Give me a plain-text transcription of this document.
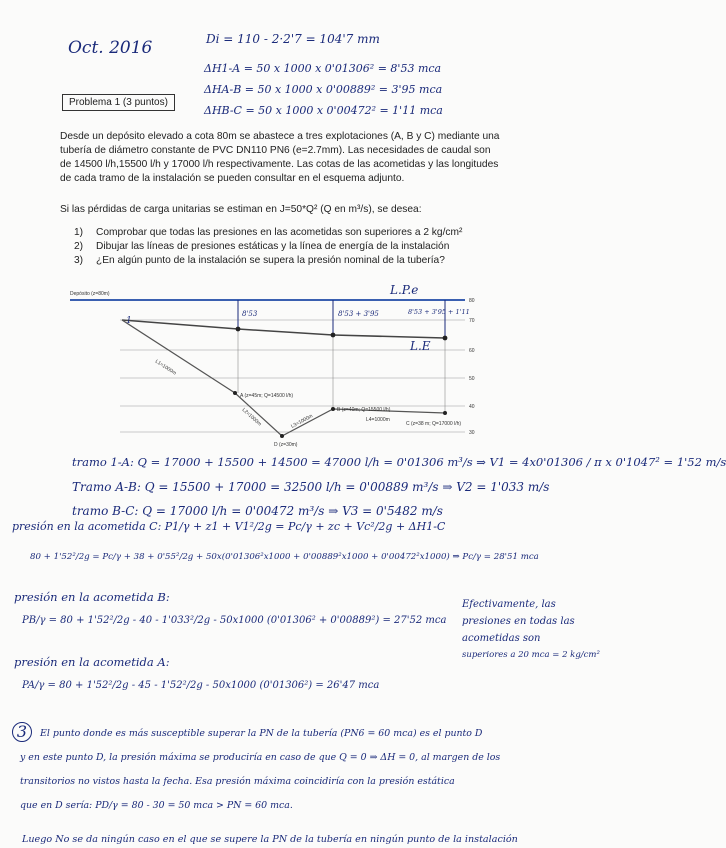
Oct. 2016	Di = 110 - 2·2'7 = 104'7 mm
ΔH1-A = 50 x 1000 x 0'01306² = 8'53 mca
ΔHA-B = 50 x 1000 x 0'00889² = 3'95 mca
ΔHB-C = 50 x 1000 x 0'00472² = 1'11 mca
Problema 1 (3 puntos)
Desde un depósito elevado a cota 80m se abastece a tres explotaciones (A, B y C) mediante una
tubería de diámetro constante de PVC DN110 PN6 (e=2.7mm). Las necesidades de caudal son
de 14500 l/h,15500 l/h y 17000 l/h respectivamente. Las cotas de las acometidas y las longitudes
de cada tramo de la instalación se pueden consultar en el esquema adjunto.
Si las pérdidas de carga unitarias se estiman en J=50*Q² (Q en m³/s), se desea:
1) Comprobar que todas las presiones en las acometidas son superiores a 2 kg/cm²
2) Dibujar las líneas de presiones estáticas y la línea de energía de la instalación
3) ¿En algún punto de la instalación se supera la presión nominal de la tubería?
Depósito (z=80m)	L.P.e
L.E
1
8'53	8'53 + 3'95	8'53 + 3'95 + 1'11
80
70
60
50
40
30
A (z=45m; Q=14500 l/h)
B (z=40m; Q=15500 l/h)
C (z=38 m; Q=17000 l/h)
D (z=30m)
L1=1000m
L2=1000m	L3=1000m	L4=1000m
tramo 1-A: Q = 17000 + 15500 + 14500 = 47000 l/h = 0'01306 m³/s ⇒ V1 = 4x0'01306 / π x 0'1047² = 1'52 m/s
Tramo A-B: Q = 15500 + 17000 = 32500 l/h = 0'00889 m³/s ⇒ V2 = 1'033 m/s
tramo B-C: Q = 17000 l/h = 0'00472 m³/s ⇒ V3 = 0'5482 m/s
presión en la acometida C: P1/γ + z1 + V1²/2g = Pc/γ + zc + Vc²/2g + ΔH1-C
80 + 1'52²/2g = Pc/γ + 38 + 0'55²/2g + 50x(0'01306²x1000 + 0'00889²x1000 + 0'00472²x1000) ⇒ Pc/γ = 28'51 mca
presión en la acometida B:
PB/γ = 80 + 1'52²/2g - 40 - 1'033²/2g - 50x1000 (0'01306² + 0'00889²) = 27'52 mca
presión en la acometida A:
PA/γ = 80 + 1'52²/2g - 45 - 1'52²/2g - 50x1000 (0'01306²) = 26'47 mca
Efectivamente, las
presiones en todas las
acometidas son
superiores a 20 mca = 2 kg/cm²
3	El punto donde es más susceptible superar la PN de la tubería (PN6 = 60 mca) es el punto D
y en este punto D, la presión máxima se produciría en caso de que Q = 0 ⇒ ΔH = 0, al margen de los
transitorios no vistos hasta la fecha. Esa presión máxima coincidiría con la presión estática
que en D sería: PD/γ = 80 - 30 = 50 mca > PN = 60 mca.
Luego No se da ningún caso en el que se supere la PN de la tubería en ningún punto de la instalación
